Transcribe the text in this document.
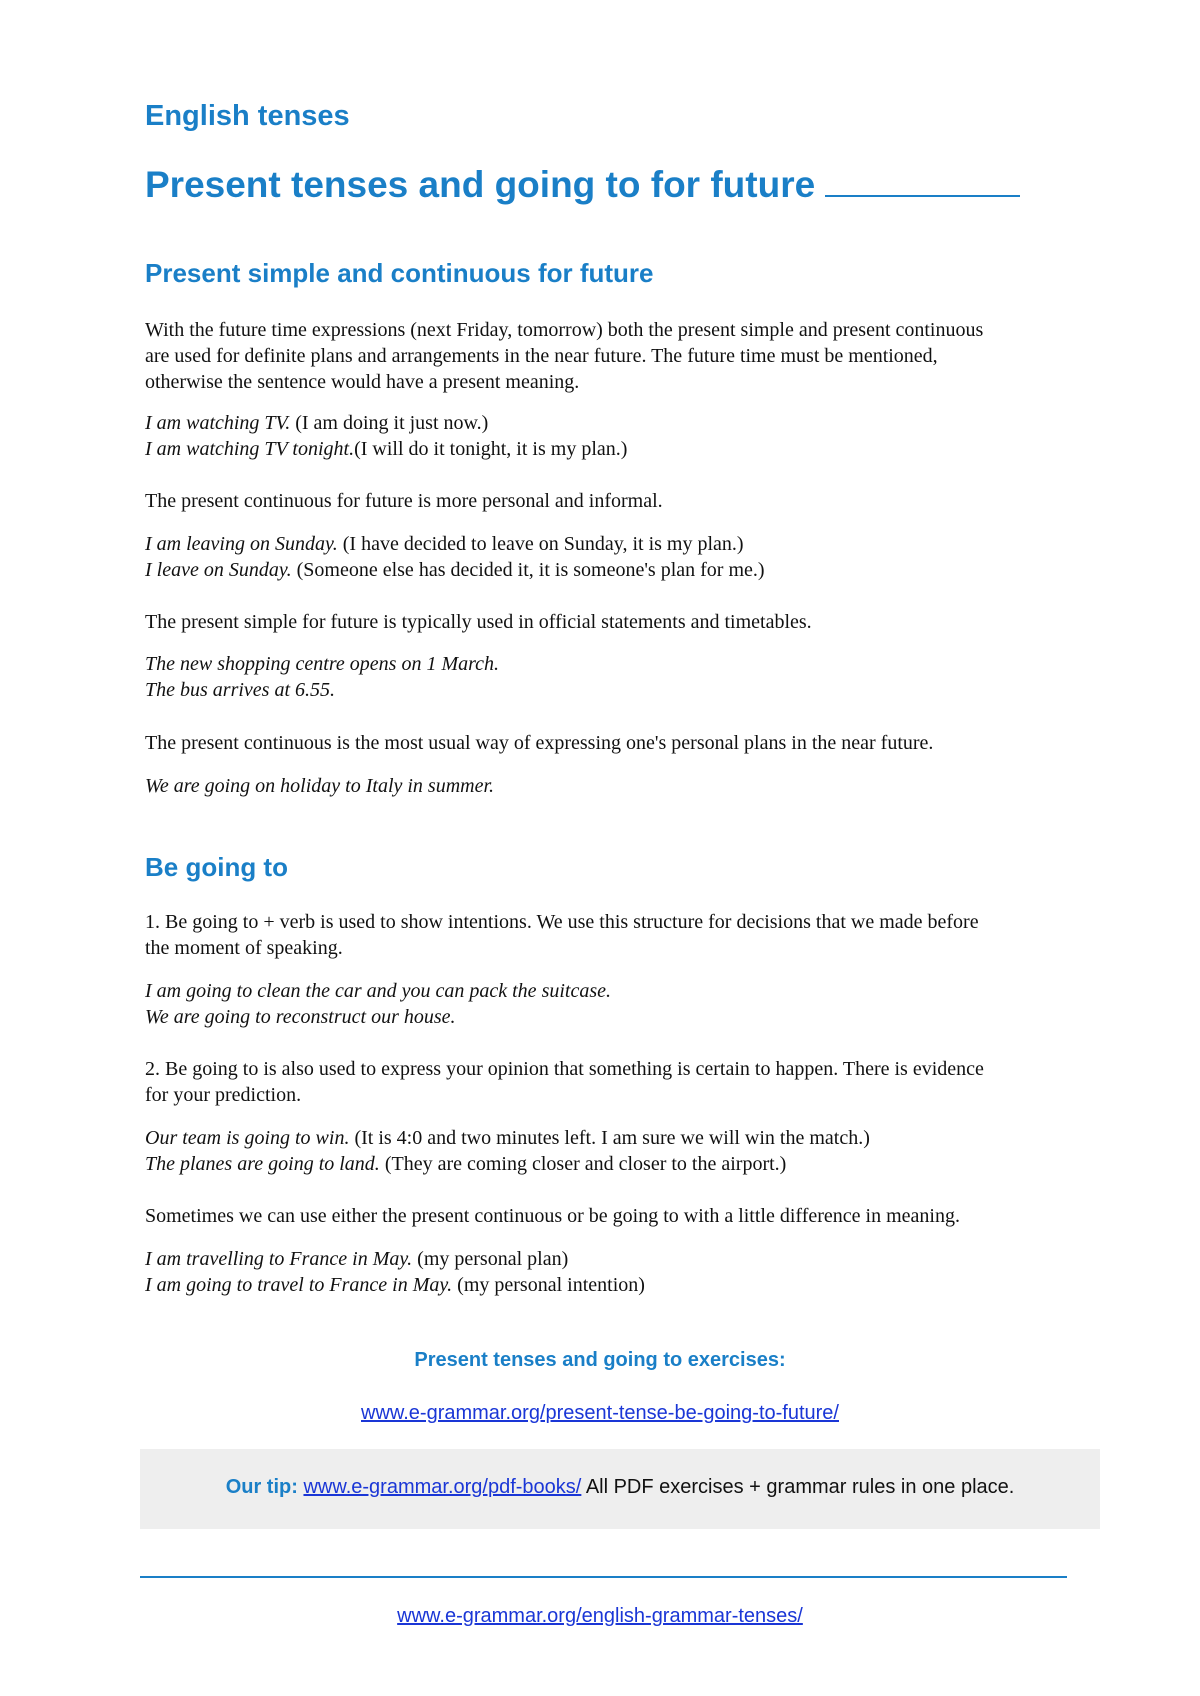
English tenses
Present tenses and going to for future
Present simple and continuous for future
With the future time expressions (next Friday, tomorrow) both the present simple and present continuous
are used for definite plans and arrangements in the near future. The future time must be mentioned,
otherwise the sentence would have a present meaning.
I am watching TV. (I am doing it just now.)
I am watching TV tonight.(I will do it tonight, it is my plan.)
The present continuous for future is more personal and informal.
I am leaving on Sunday. (I have decided to leave on Sunday, it is my plan.)
I leave on Sunday. (Someone else has decided it, it is someone's plan for me.)
The present simple for future is typically used in official statements and timetables.
The new shopping centre opens on 1 March.
The bus arrives at 6.55.
The present continuous is the most usual way of expressing one's personal plans in the near future.
We are going on holiday to Italy in summer.
Be going to
1. Be going to + verb is used to show intentions. We use this structure for decisions that we made before
the moment of speaking.
I am going to clean the car and you can pack the suitcase.
We are going to reconstruct our house.
2. Be going to is also used to express your opinion that something is certain to happen. There is evidence
for your prediction.
Our team is going to win. (It is 4:0 and two minutes left. I am sure we will win the match.)
The planes are going to land. (They are coming closer and closer to the airport.)
Sometimes we can use either the present continuous or be going to with a little difference in meaning.
I am travelling to France in May. (my personal plan)
I am going to travel to France in May. (my personal intention)
Present tenses and going to exercises:
www.e-grammar.org/present-tense-be-going-to-future/
Our tip: www.e-grammar.org/pdf-books/ All PDF exercises + grammar rules in one place.
www.e-grammar.org/english-grammar-tenses/
